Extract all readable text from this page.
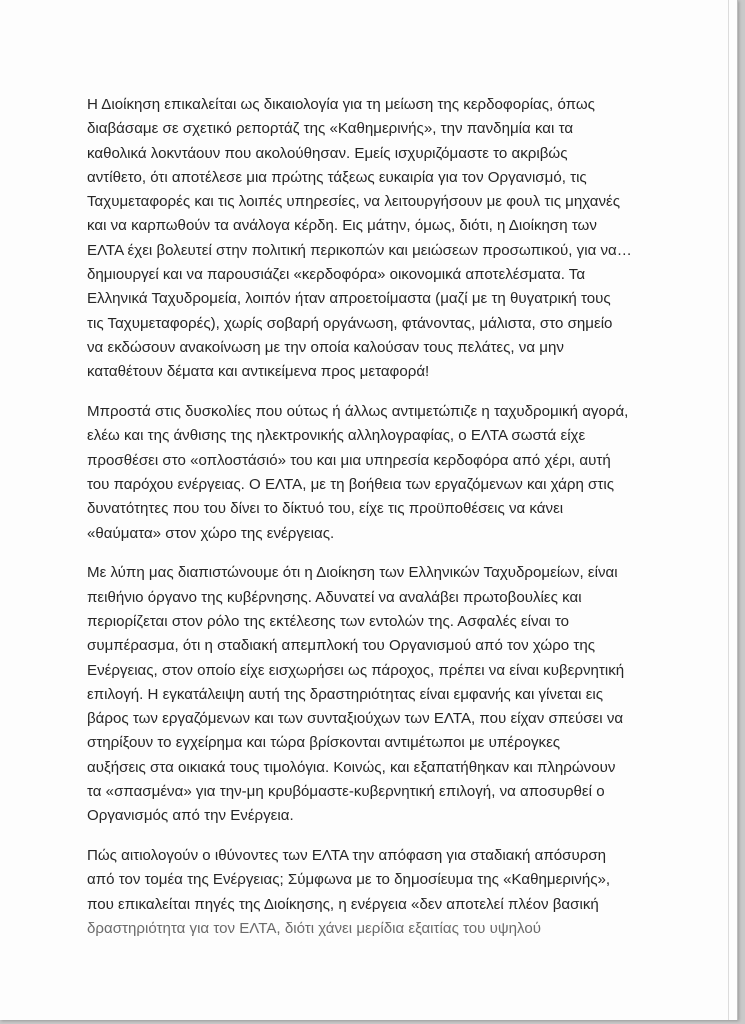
Η Διοίκηση επικαλείται ως δικαιολογία για τη μείωση της κερδοφορίας, όπως
διαβάσαμε σε σχετικό ρεπορτάζ της «Καθημερινής», την πανδημία και τα
καθολικά λοκντάουν που ακολούθησαν. Εμείς ισχυριζόμαστε το ακριβώς
αντίθετο, ότι αποτέλεσε μια πρώτης τάξεως ευκαιρία για τον Οργανισμό, τις
Ταχυμεταφορές και τις λοιπές υπηρεσίες, να λειτουργήσουν με φουλ τις μηχανές
και να καρπωθούν τα ανάλογα κέρδη. Εις μάτην, όμως, διότι, η Διοίκηση των
ΕΛΤΑ έχει βολευτεί στην πολιτική περικοπών και μειώσεων προσωπικού, για να…
δημιουργεί και να παρουσιάζει «κερδοφόρα» οικονομικά αποτελέσματα. Τα
Ελληνικά Ταχυδρομεία, λοιπόν ήταν απροετοίμαστα (μαζί με τη θυγατρική τους
τις Ταχυμεταφορές), χωρίς σοβαρή οργάνωση, φτάνοντας, μάλιστα, στο σημείο
να εκδώσουν ανακοίνωση με την οποία καλούσαν τους πελάτες, να μην
καταθέτουν δέματα και αντικείμενα προς μεταφορά!

Μπροστά στις δυσκολίες που ούτως ή άλλως αντιμετώπιζε η ταχυδρομική αγορά,
ελέω και της άνθισης της ηλεκτρονικής αλληλογραφίας, ο ΕΛΤΑ σωστά είχε
προσθέσει στο «οπλοστάσιό» του και μια υπηρεσία κερδοφόρα από χέρι, αυτή
του παρόχου ενέργειας. Ο ΕΛΤΑ, με τη βοήθεια των εργαζόμενων και χάρη στις
δυνατότητες που του δίνει το δίκτυό του, είχε τις προϋποθέσεις να κάνει
«θαύματα» στον χώρο της ενέργειας.

Με λύπη μας διαπιστώνουμε ότι η Διοίκηση των Ελληνικών Ταχυδρομείων, είναι
πειθήνιο όργανο της κυβέρνησης. Αδυνατεί να αναλάβει πρωτοβουλίες και
περιορίζεται στον ρόλο της εκτέλεσης των εντολών της. Ασφαλές είναι το
συμπέρασμα, ότι η σταδιακή απεμπλοκή του Οργανισμού από τον χώρο της
Ενέργειας, στον οποίο είχε εισχωρήσει ως πάροχος, πρέπει να είναι κυβερνητική
επιλογή. Η εγκατάλειψη αυτή της δραστηριότητας είναι εμφανής και γίνεται εις
βάρος των εργαζόμενων και των συνταξιούχων των ΕΛΤΑ, που είχαν σπεύσει να
στηρίξουν το εγχείρημα και τώρα βρίσκονται αντιμέτωποι με υπέρογκες
αυξήσεις στα οικιακά τους τιμολόγια. Κοινώς, και εξαπατήθηκαν και πληρώνουν
τα «σπασμένα» για την-μη κρυβόμαστε-κυβερνητική επιλογή, να αποσυρθεί ο
Οργανισμός από την Ενέργεια.

Πώς αιτιολογούν ο ιθύνοντες των ΕΛΤΑ την απόφαση για σταδιακή απόσυρση
από τον τομέα της Ενέργειας; Σύμφωνα με το δημοσίευμα της «Καθημερινής»,
που επικαλείται πηγές της Διοίκησης, η ενέργεια «δεν αποτελεί πλέον βασική
δραστηριότητα για τον ΕΛΤΑ, διότι χάνει μερίδια εξαιτίας του υψηλού
